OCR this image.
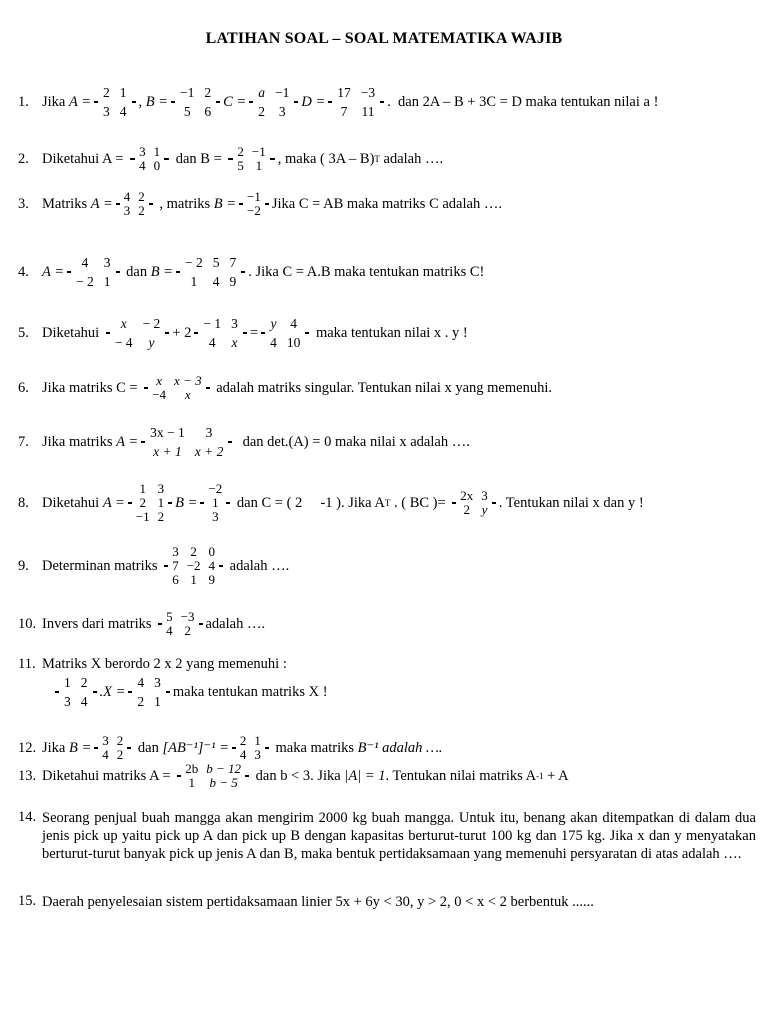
LATIHAN SOAL – SOAL MATEMATIKA WAJIB
1. Jika A =
2	1
3	4
, B =
−1	2
5	6
C =
a	−1
2	3
D =
17	−3
7	11
.  dan 2A – B + 3C = D maka tentukan nilai a !
2. Diketahui A = 3	1
4	0 dan B = 2	−1
5	1 , maka ( 3A – B) T adalah ….
3. Matriks A = 4	2
3	2 , matriks B = −1
−2 Jika C = AB maka matriks C adalah ….
4. A =
4	3
− 2	1
dan B =
− 2	5	7
1	4	9
. Jika C = A.B maka tentukan matriks C!
5. Diketahui
x	− 2
− 4	y
+ 2
− 1	3
4	x
=
y	4
4	10
maka tentukan nilai x . y !
6. Jika matriks C = x	x − 3
−4	x adalah matriks singular. Tentukan nilai x yang memenuhi.
7. Jika matriks A =
3x − 1	3
x + 1	x + 2
dan det.(A) = 0 maka nilai x adalah ….
8. Diketahui A =
1	3
2	1
−1	2
B =
−2
1
3
dan C = ( 2     -1 ). Jika A T . ( BC )= 2x	3
2	y . Tentukan nilai x dan y !
9. Determinan matriks
3	2	0
7	−2	4
6	1	9
adalah ….
10. Invers dari matriks 5	−3
4	2 adalah ….
11. Matriks X berordo 2 x 2 yang memenuhi :
1	2
3	4
.X =
4	3
2	1
maka tentukan matriks X !
12. Jika B = 3	2
4	2 dan [AB⁻¹]⁻¹ = 2	1
4	3 maka matriks B⁻¹ adalah ….
13. Diketahui matriks A = 2b	b − 12
1	b − 5 dan b < 3. Jika |A| = 1 . Tentukan nilai matriks A -1 + A
14. Seorang penjual buah mangga akan mengirim 2000 kg buah mangga. Untuk itu, benang akan ditempatkan di dalam dua jenis pick up yaitu pick up A dan pick up B dengan kapasitas berturut-turut 100 kg dan 175 kg. Jika x dan y menyatakan berturut-turut banyak pick up jenis A dan B, maka bentuk pertidaksamaan yang memenuhi persyaratan di atas adalah ….
15. Daerah penyelesaian sistem pertidaksamaan linier 5x + 6y < 30, y > 2, 0 < x < 2 berbentuk ......
